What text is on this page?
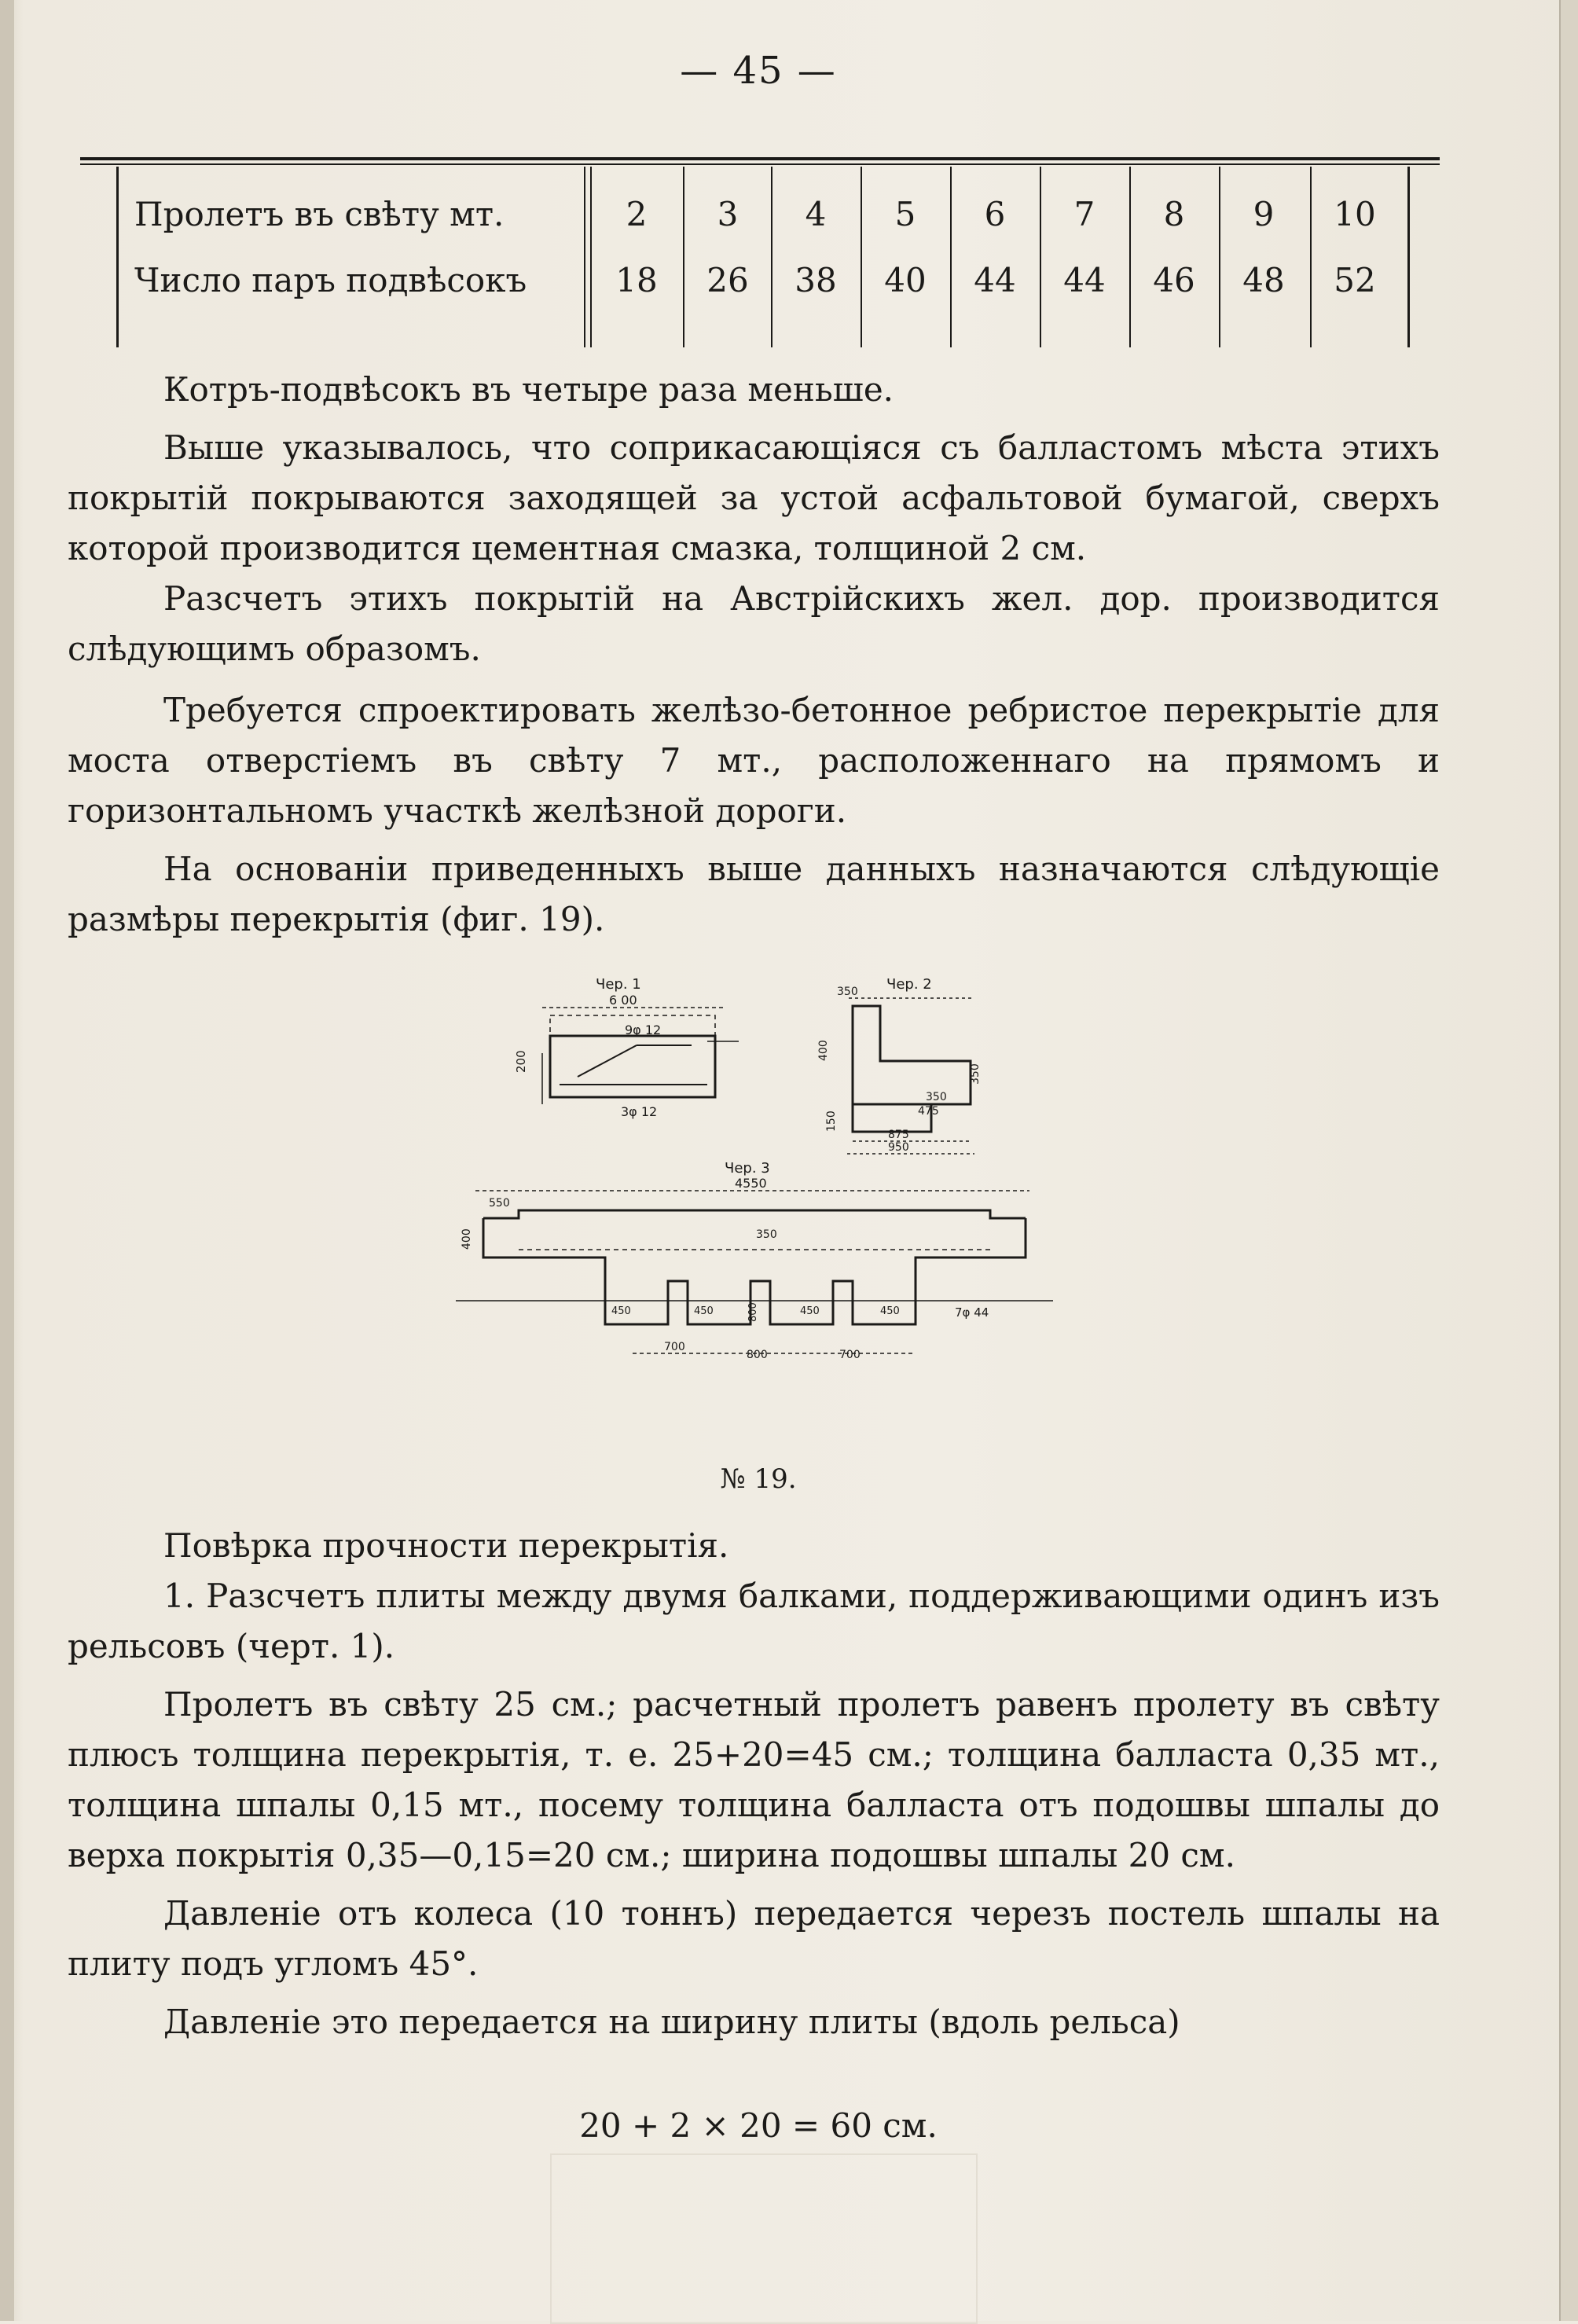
— 45 —
Пролетъ въ свѣту мт.	2	3	4	5	6	7	8	9	10
Число паръ подвѣсокъ	18	26	38	40	44	44	46	48	52

Котръ-подвѣсокъ въ четыре раза меньше.

Выше указывалось, что соприкасающіяся съ балластомъ мѣста этихъ покрытій покрываются заходящей за устой асфальтовой бумагой, сверхъ которой производится цементная смазка, толщиной 2 см.

Разсчетъ этихъ покрытій на Австрійскихъ жел. дор. производится слѣдующимъ образомъ.

Требуется спроектировать желѣзо-бетонное ребристое перекрытіе для моста отверстіемъ въ свѣту 7 мт., расположеннаго на прямомъ и горизонтальномъ участкѣ желѣзной дороги.

На основаніи приведенныхъ выше данныхъ назначаются слѣдующіе размѣры перекрытія (фиг. 19).

Чер. 1
6 00
9φ 12
200
3φ 12
Чер. 2
350
400
350
150
350
475
875
950
Чер. 3
4550
350
550
400
450	450	800	450	450	7φ 44
700
800	700
№ 19.

Повѣрка прочности перекрытія.

1. Разсчетъ плиты между двумя балками, поддерживающими одинъ изъ рельсовъ (черт. 1).

Пролетъ въ свѣту 25 см.; расчетный пролетъ равенъ пролету въ свѣту плюсъ толщина перекрытія, т. е. 25+20=45 см.; толщина балласта 0,35 мт., толщина шпалы 0,15 мт., посему толщина балласта отъ подошвы шпалы до верха покрытія 0,35—0,15=20 см.; ширина подошвы шпалы 20 см.

Давленіе отъ колеса (10 тоннъ) передается черезъ постель шпалы на плиту подъ угломъ 45°.

Давленіе это передается на ширину плиты (вдоль рельса)

20 + 2 × 20 = 60 см.
